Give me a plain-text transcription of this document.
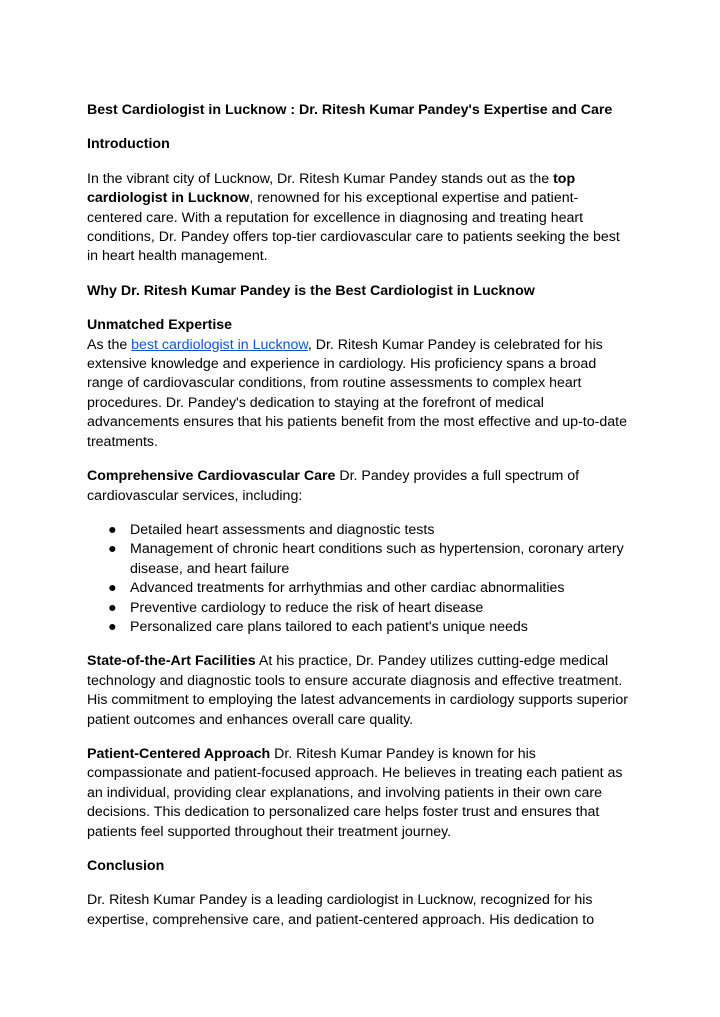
Best Cardiologist in Lucknow : Dr. Ritesh Kumar Pandey's Expertise and Care

Introduction

In the vibrant city of Lucknow, Dr. Ritesh Kumar Pandey stands out as the top cardiologist in Lucknow, renowned for his exceptional expertise and patient-centered care. With a reputation for excellence in diagnosing and treating heart conditions, Dr. Pandey offers top-tier cardiovascular care to patients seeking the best in heart health management.

Why Dr. Ritesh Kumar Pandey is the Best Cardiologist in Lucknow

Unmatched Expertise

As the best cardiologist in Lucknow, Dr. Ritesh Kumar Pandey is celebrated for his extensive knowledge and experience in cardiology. His proficiency spans a broad range of cardiovascular conditions, from routine assessments to complex heart procedures. Dr. Pandey's dedication to staying at the forefront of medical advancements ensures that his patients benefit from the most effective and up-to-date treatments.

Comprehensive Cardiovascular Care Dr. Pandey provides a full spectrum of cardiovascular services, including:

● Detailed heart assessments and diagnostic tests
● Management of chronic heart conditions such as hypertension, coronary artery disease, and heart failure
● Advanced treatments for arrhythmias and other cardiac abnormalities
● Preventive cardiology to reduce the risk of heart disease
● Personalized care plans tailored to each patient's unique needs

State-of-the-Art Facilities At his practice, Dr. Pandey utilizes cutting-edge medical technology and diagnostic tools to ensure accurate diagnosis and effective treatment. His commitment to employing the latest advancements in cardiology supports superior patient outcomes and enhances overall care quality.

Patient-Centered Approach Dr. Ritesh Kumar Pandey is known for his compassionate and patient-focused approach. He believes in treating each patient as an individual, providing clear explanations, and involving patients in their own care decisions. This dedication to personalized care helps foster trust and ensures that patients feel supported throughout their treatment journey.

Conclusion

Dr. Ritesh Kumar Pandey is a leading cardiologist in Lucknow, recognized for his expertise, comprehensive care, and patient-centered approach. His dedication to
